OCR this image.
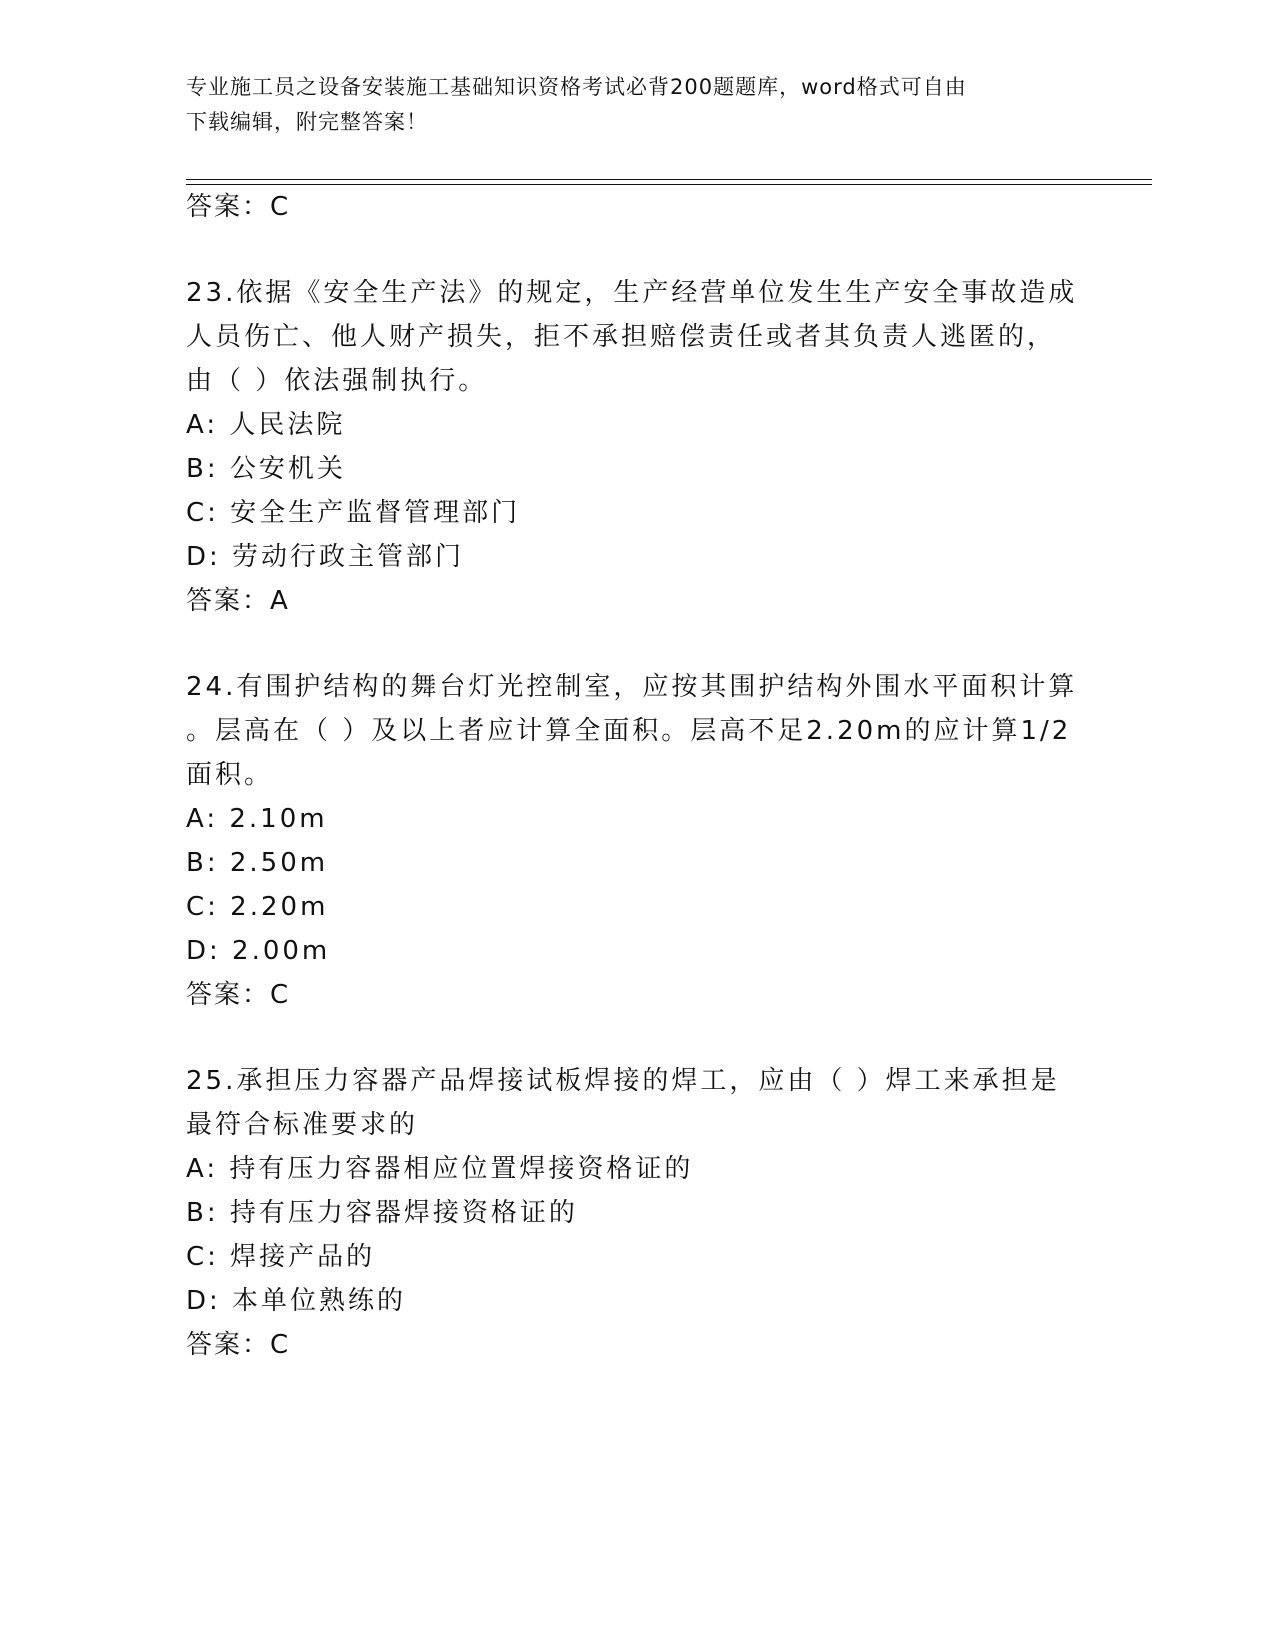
专业施工员之设备安装施工基础知识资格考试必背200题题库，word格式可自由
下载编辑，附完整答案！
答案：C
23.依据《安全生产法》的规定，生产经营单位发生生产安全事故造成
人员伤亡、他人财产损失，拒不承担赔偿责任或者其负责人逃匿的，
由（ ）依法强制执行。
A: 人民法院
B: 公安机关
C: 安全生产监督管理部门
D: 劳动行政主管部门
答案：A
24.有围护结构的舞台灯光控制室，应按其围护结构外围水平面积计算
。层高在（ ）及以上者应计算全面积。层高不足2.20m的应计算1/2
面积。
A: 2.10m
B: 2.50m
C: 2.20m
D: 2.00m
答案：C
25.承担压力容器产品焊接试板焊接的焊工，应由（ ）焊工来承担是
最符合标准要求的
A: 持有压力容器相应位置焊接资格证的
B: 持有压力容器焊接资格证的
C: 焊接产品的
D: 本单位熟练的
答案：C
